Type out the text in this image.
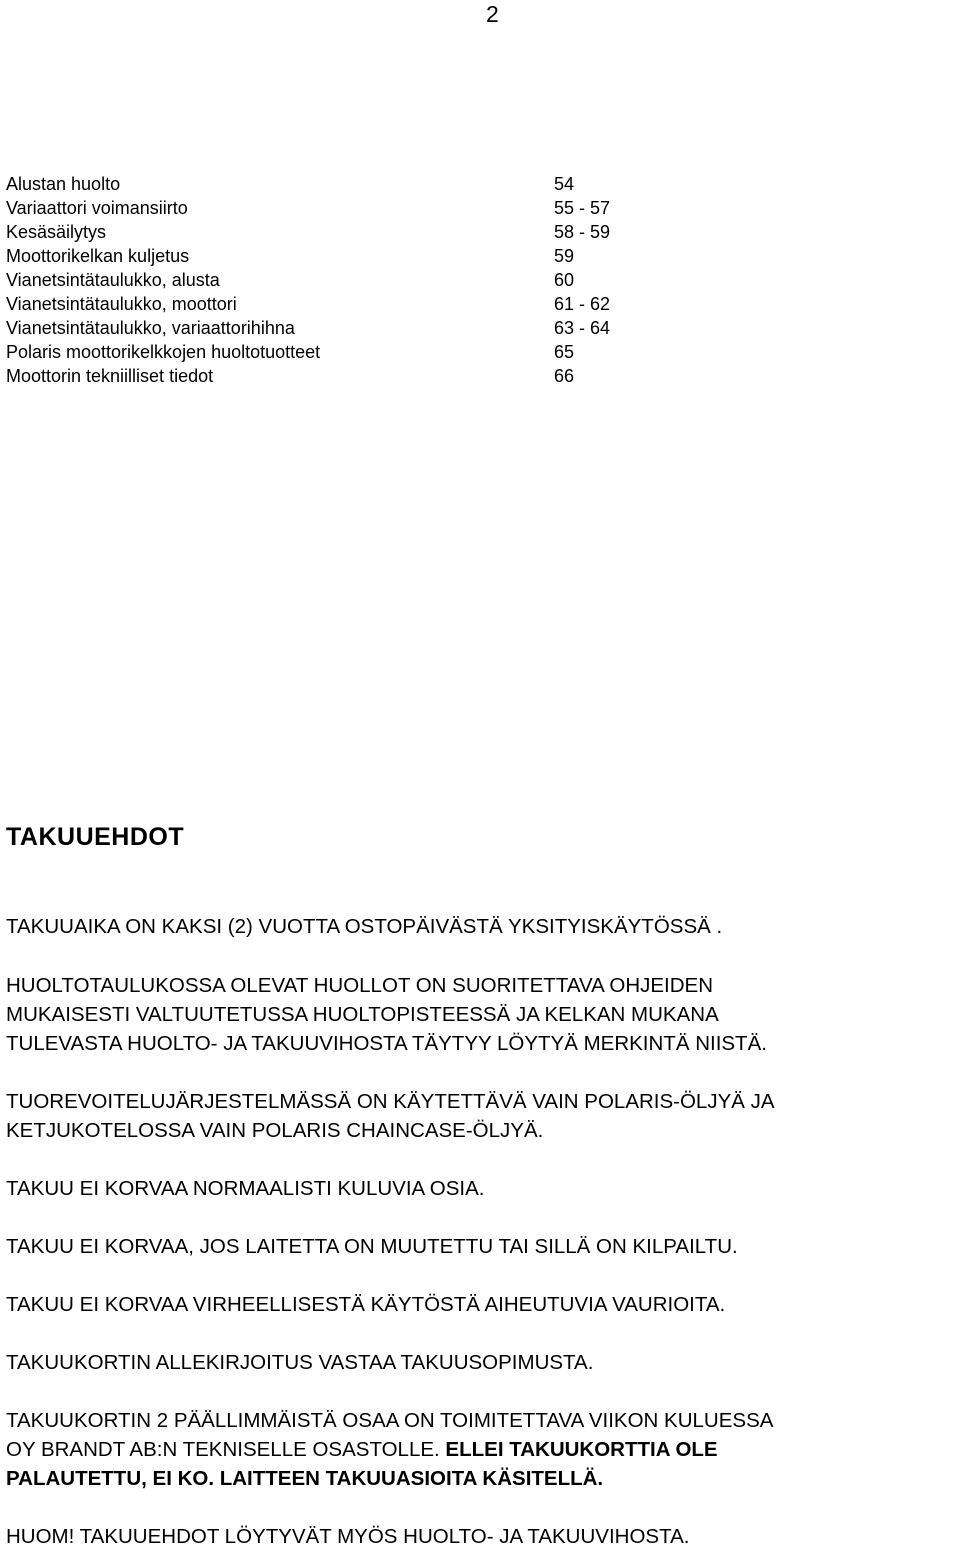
2
Alustan huolto	54
Variaattori voimansiirto	55 - 57
Kesäsäilytys	58 - 59
Moottorikelkan kuljetus	59
Vianetsintätaulukko, alusta	60
Vianetsintätaulukko, moottori	61 - 62
Vianetsintätaulukko, variaattorihihna	63 - 64
Polaris moottorikelkkojen huoltotuotteet	65
Moottorin tekniilliset tiedot	66
TAKUUEHDOT
TAKUUAIKA ON KAKSI (2) VUOTTA OSTOPÄIVÄSTÄ YKSITYISKÄYTÖSSÄ .
HUOLTOTAULUKOSSA OLEVAT HUOLLOT ON SUORITETTAVA OHJEIDEN
MUKAISESTI VALTUUTETUSSA HUOLTOPISTEESSÄ JA KELKAN MUKANA
TULEVASTA HUOLTO- JA TAKUUVIHOSTA TÄYTYY LÖYTYÄ MERKINTÄ NIISTÄ.
TUOREVOITELUJÄRJESTELMÄSSÄ ON KÄYTETTÄVÄ VAIN POLARIS-ÖLJYÄ JA
KETJUKOTELOSSA VAIN POLARIS CHAINCASE-ÖLJYÄ.
TAKUU EI KORVAA NORMAALISTI KULUVIA OSIA.
TAKUU EI KORVAA, JOS LAITETTA ON MUUTETTU TAI SILLÄ ON KILPAILTU.
TAKUU EI KORVAA VIRHEELLISESTÄ KÄYTÖSTÄ AIHEUTUVIA VAURIOITA.
TAKUUKORTIN ALLEKIRJOITUS VASTAA TAKUUSOPIMUSTA.
TAKUUKORTIN 2 PÄÄLLIMMÄISTÄ OSAA ON TOIMITETTAVA VIIKON KULUESSA
OY BRANDT AB:N TEKNISELLE OSASTOLLE. ELLEI TAKUUKORTTIA OLE
PALAUTETTU, EI KO. LAITTEEN TAKUUASIOITA KÄSITELLÄ.
HUOM! TAKUUEHDOT LÖYTYVÄT MYÖS HUOLTO- JA TAKUUVIHOSTA.
